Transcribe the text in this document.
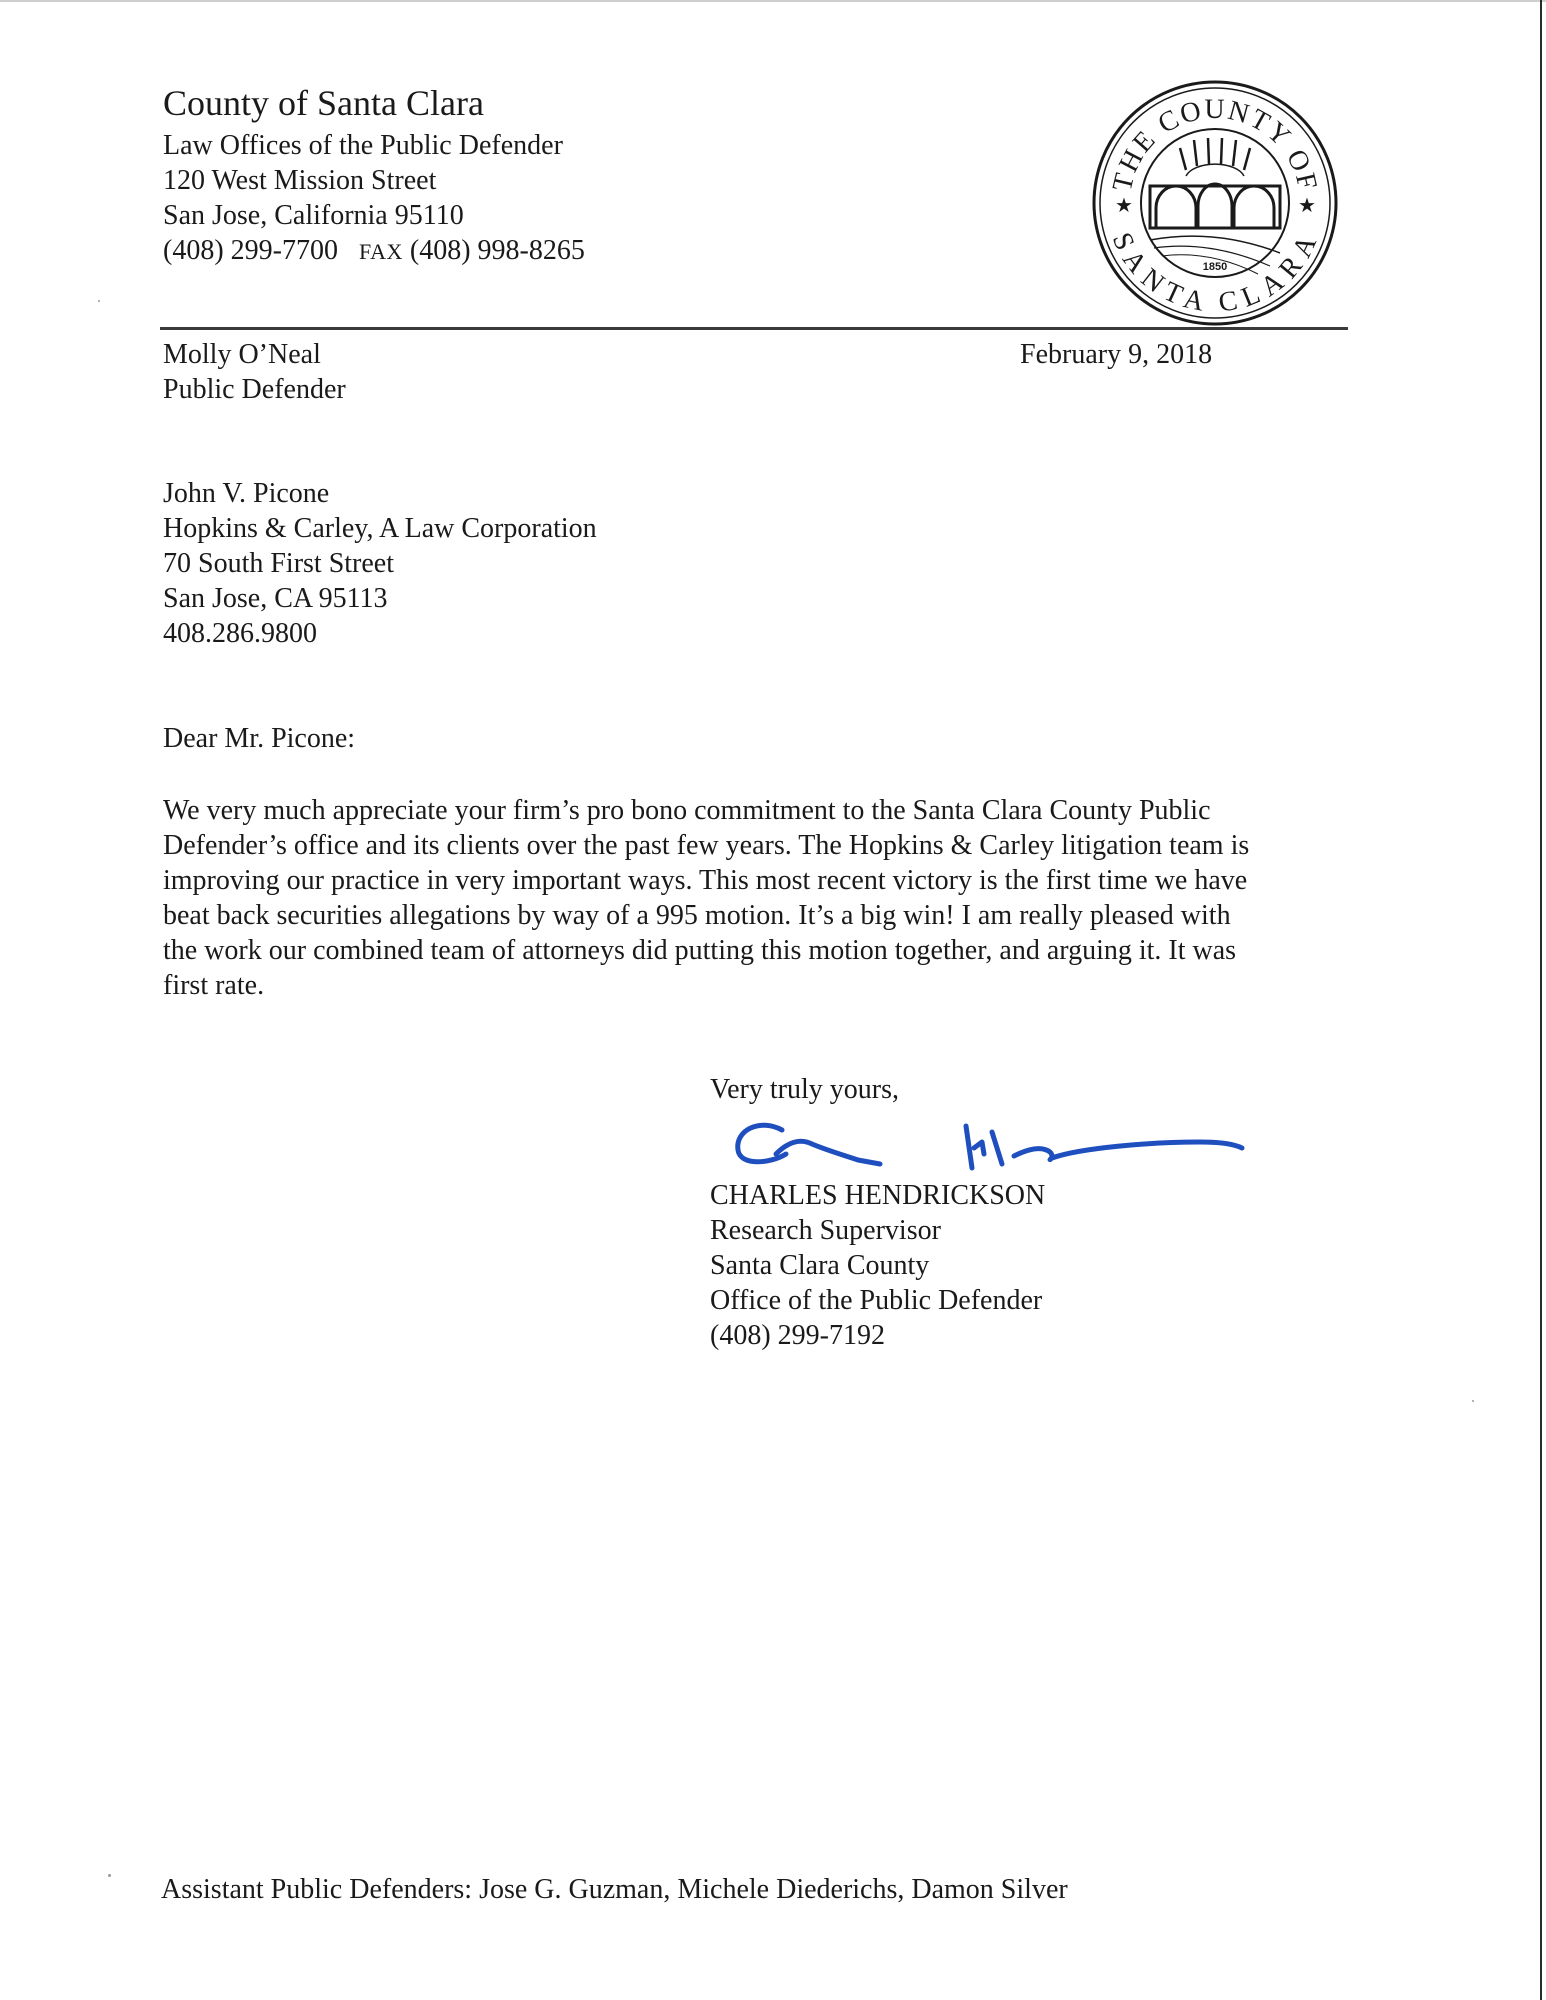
County of Santa Clara
Law Offices of the Public Defender
120 West Mission Street
San Jose, California 95110
(408) 299-7700 FAX (408) 998-8265
THE COUNTY OF
SANTA CLARA
★	★
1850
Molly O’Neal
Public Defender
February 9, 2018
John V. Picone
Hopkins & Carley, A Law Corporation
70 South First Street
San Jose, CA 95113
408.286.9800
Dear Mr. Picone:

We very much appreciate your firm’s pro bono commitment to the Santa Clara County Public

Defender’s office and its clients over the past few years. The Hopkins & Carley litigation team is

improving our practice in very important ways. This most recent victory is the first time we have

beat back securities allegations by way of a 995 motion. It’s a big win! I am really pleased with

the work our combined team of attorneys did putting this motion together, and arguing it. It was

first rate.

Very truly yours,
CHARLES HENDRICKSON
Research Supervisor
Santa Clara County
Office of the Public Defender
(408) 299-7192
Assistant Public Defenders: Jose G. Guzman, Michele Diederichs, Damon Silver
